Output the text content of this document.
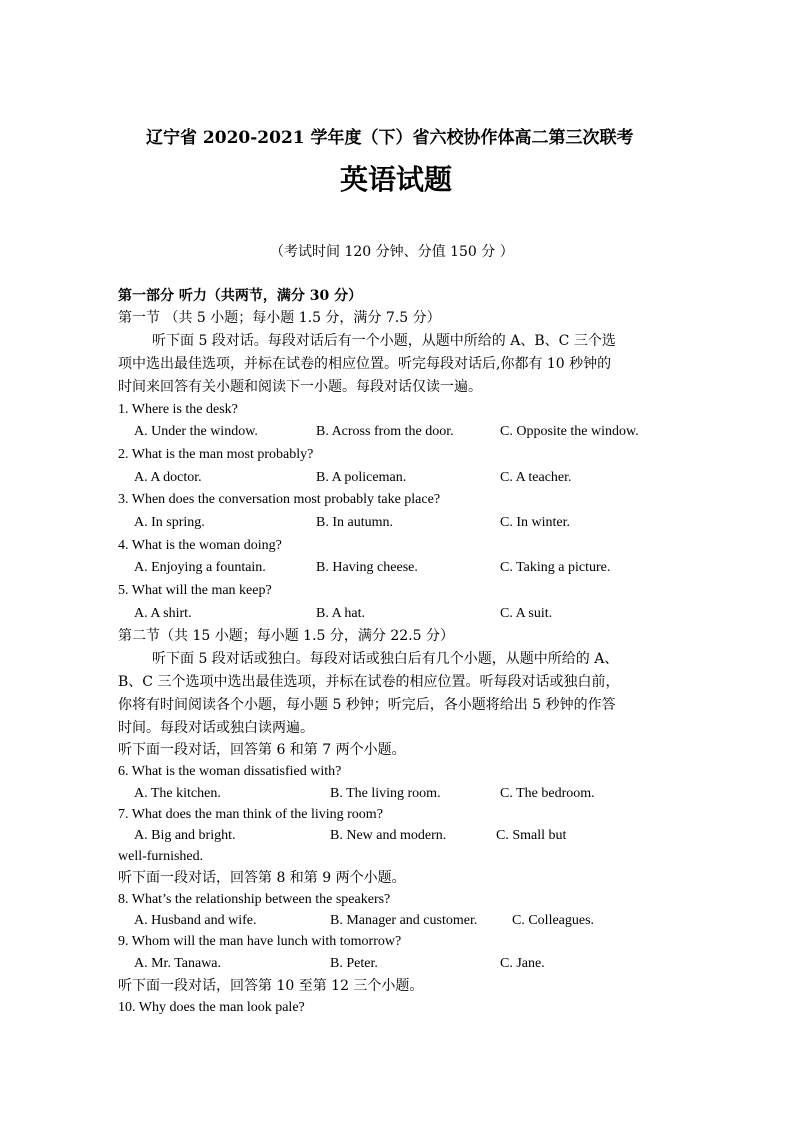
辽宁省 2020-2021 学年度（下）省六校协作体高二第三次联考
英语试题
（考试时间 120 分钟、分值 150 分 ）
第一部分 听力（共两节，满分 30 分）
第一节 （共 5 小题；每小题 1.5 分，满分 7.5 分）
听下面 5 段对话。每段对话后有一个小题，从题中所给的 A、B、C 三个选
项中选出最佳选项，并标在试卷的相应位置。听完每段对话后,你都有 10 秒钟的
时间来回答有关小题和阅读下一小题。每段对话仅读一遍。
1. Where is the desk?
A. Under the window.	B. Across from the door.	C. Opposite the window.
2. What is the man most probably?
A. A doctor.	B. A policeman.	C. A teacher.
3. When does the conversation most probably take place?
A. In spring.	B. In autumn.	C. In winter.
4. What is the woman doing?
A. Enjoying a fountain.	B. Having cheese.	C. Taking a picture.
5. What will the man keep?
A. A shirt.	B. A hat.	C. A suit.
第二节（共 15 小题；每小题 1.5 分，满分 22.5 分）
听下面 5 段对话或独白。每段对话或独白后有几个小题，从题中所给的 A、
B、C 三个选项中选出最佳选项，并标在试卷的相应位置。听每段对话或独白前，
你将有时间阅读各个小题，每小题 5 秒钟；听完后，各小题将给出 5 秒钟的作答
时间。每段对话或独白读两遍。
听下面一段对话，回答第 6 和第 7 两个小题。
6. What is the woman dissatisfied with?
A. The kitchen.	B. The living room.	C. The bedroom.
7. What does the man think of the living room?
A. Big and bright.	B. New and modern.	C. Small but
well-furnished.
听下面一段对话，回答第 8 和第 9 两个小题。
8. What’s the relationship between the speakers?
A. Husband and wife.	B. Manager and customer. C. Colleagues.
9. Whom will the man have lunch with tomorrow?
A. Mr. Tanawa.	B. Peter.	C. Jane.
听下面一段对话，回答第 10 至第 12 三个小题。
10. Why does the man look pale?
